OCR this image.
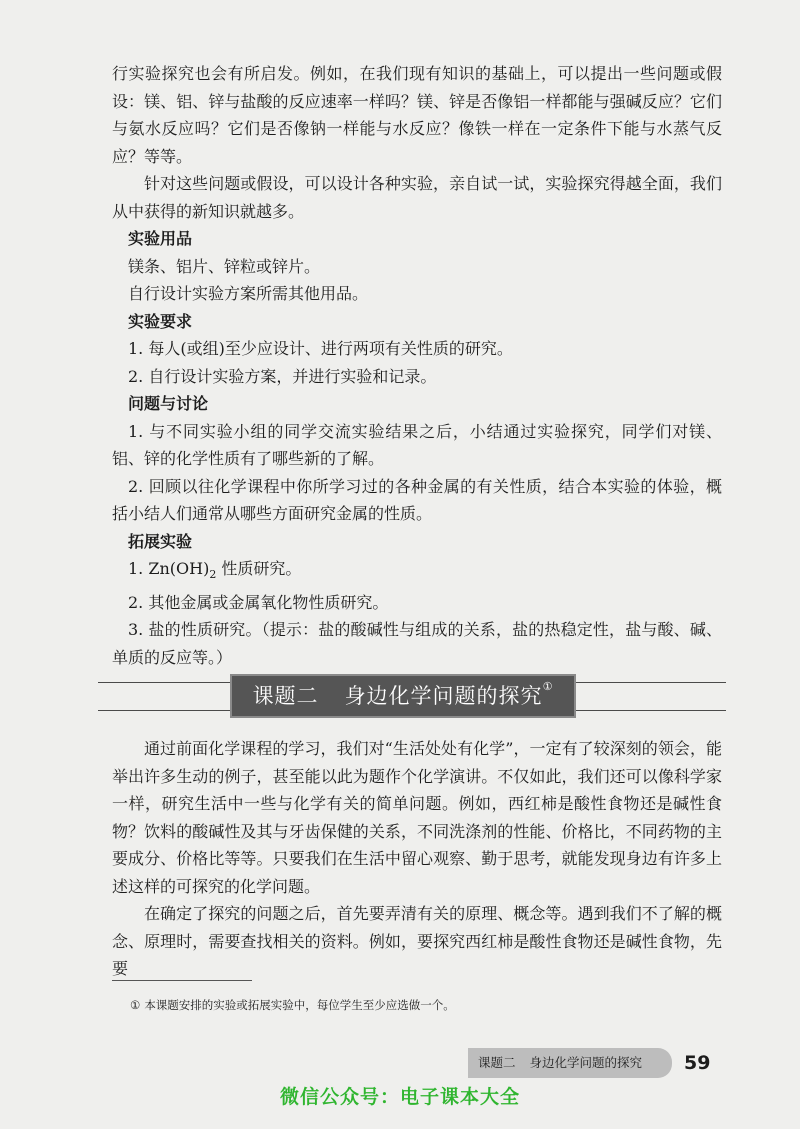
行实验探究也会有所启发。例如，在我们现有知识的基础上，可以提出一些问题或假设：镁、铝、锌与盐酸的反应速率一样吗？镁、锌是否像铝一样都能与强碱反应？它们与氨水反应吗？它们是否像钠一样能与水反应？像铁一样在一定条件下能与水蒸气反应？等等。

针对这些问题或假设，可以设计各种实验，亲自试一试，实验探究得越全面，我们从中获得的新知识就越多。

实验用品

镁条、铝片、锌粒或锌片。

自行设计实验方案所需其他用品。

实验要求

1. 每人(或组)至少应设计、进行两项有关性质的研究。

2. 自行设计实验方案，并进行实验和记录。

问题与讨论

1. 与不同实验小组的同学交流实验结果之后，小结通过实验探究，同学们对镁、铝、锌的化学性质有了哪些新的了解。

2. 回顾以往化学课程中你所学习过的各种金属的有关性质，结合本实验的体验，概括小结人们通常从哪些方面研究金属的性质。

拓展实验

1. $Zn(OH)_2$ 性质研究。

2. 其他金属或金属氧化物性质研究。

3. 盐的性质研究。（提示：盐的酸碱性与组成的关系，盐的热稳定性，盐与酸、碱、单质的反应等。）

课题二 身边化学问题的探究①

通过前面化学课程的学习，我们对“生活处处有化学”，一定有了较深刻的领会，能举出许多生动的例子，甚至能以此为题作个化学演讲。不仅如此，我们还可以像科学家一样，研究生活中一些与化学有关的简单问题。例如，西红柿是酸性食物还是碱性食物？饮料的酸碱性及其与牙齿保健的关系，不同洗涤剂的性能、价格比，不同药物的主要成分、价格比等等。只要我们在生活中留心观察、勤于思考，就能发现身边有许多上述这样的可探究的化学问题。

在确定了探究的问题之后，首先要弄清有关的原理、概念等。遇到我们不了解的概念、原理时，需要查找相关的资料。例如，要探究西红柿是酸性食物还是碱性食物，先要

① 本课题安排的实验或拓展实验中，每位学生至少应选做一个。

课题二 身边化学问题的探究	59
微信公众号：电子课本大全
